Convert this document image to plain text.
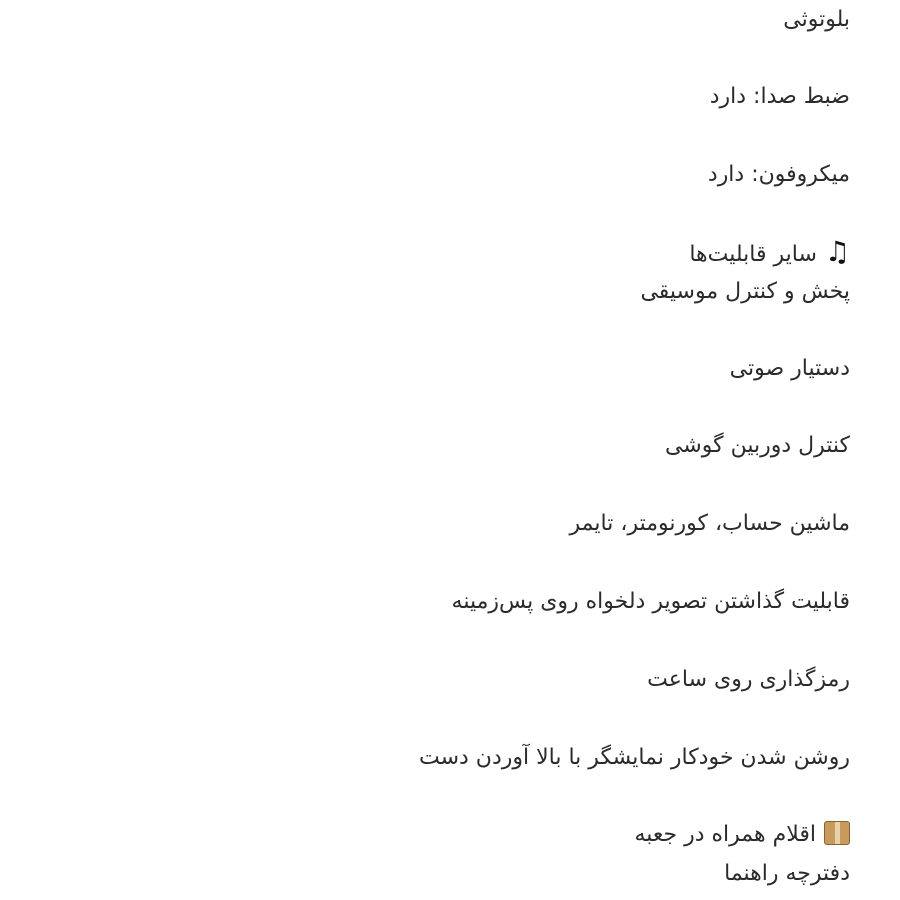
بلوتوثی
ضبط صدا: دارد
میکروفون: دارد
♫سایر قابلیت‌ها
پخش و کنترل موسیقی
دستیار صوتی
کنترل دوربین گوشی
ماشین حساب، کورنومتر، تایمر
قابلیت گذاشتن تصویر دلخواه روی پس‌زمینه
رمزگذاری روی ساعت
روشن شدن خودکار نمایشگر با بالا آوردن دست
اقلام همراه در جعبه
دفترچه راهنما
